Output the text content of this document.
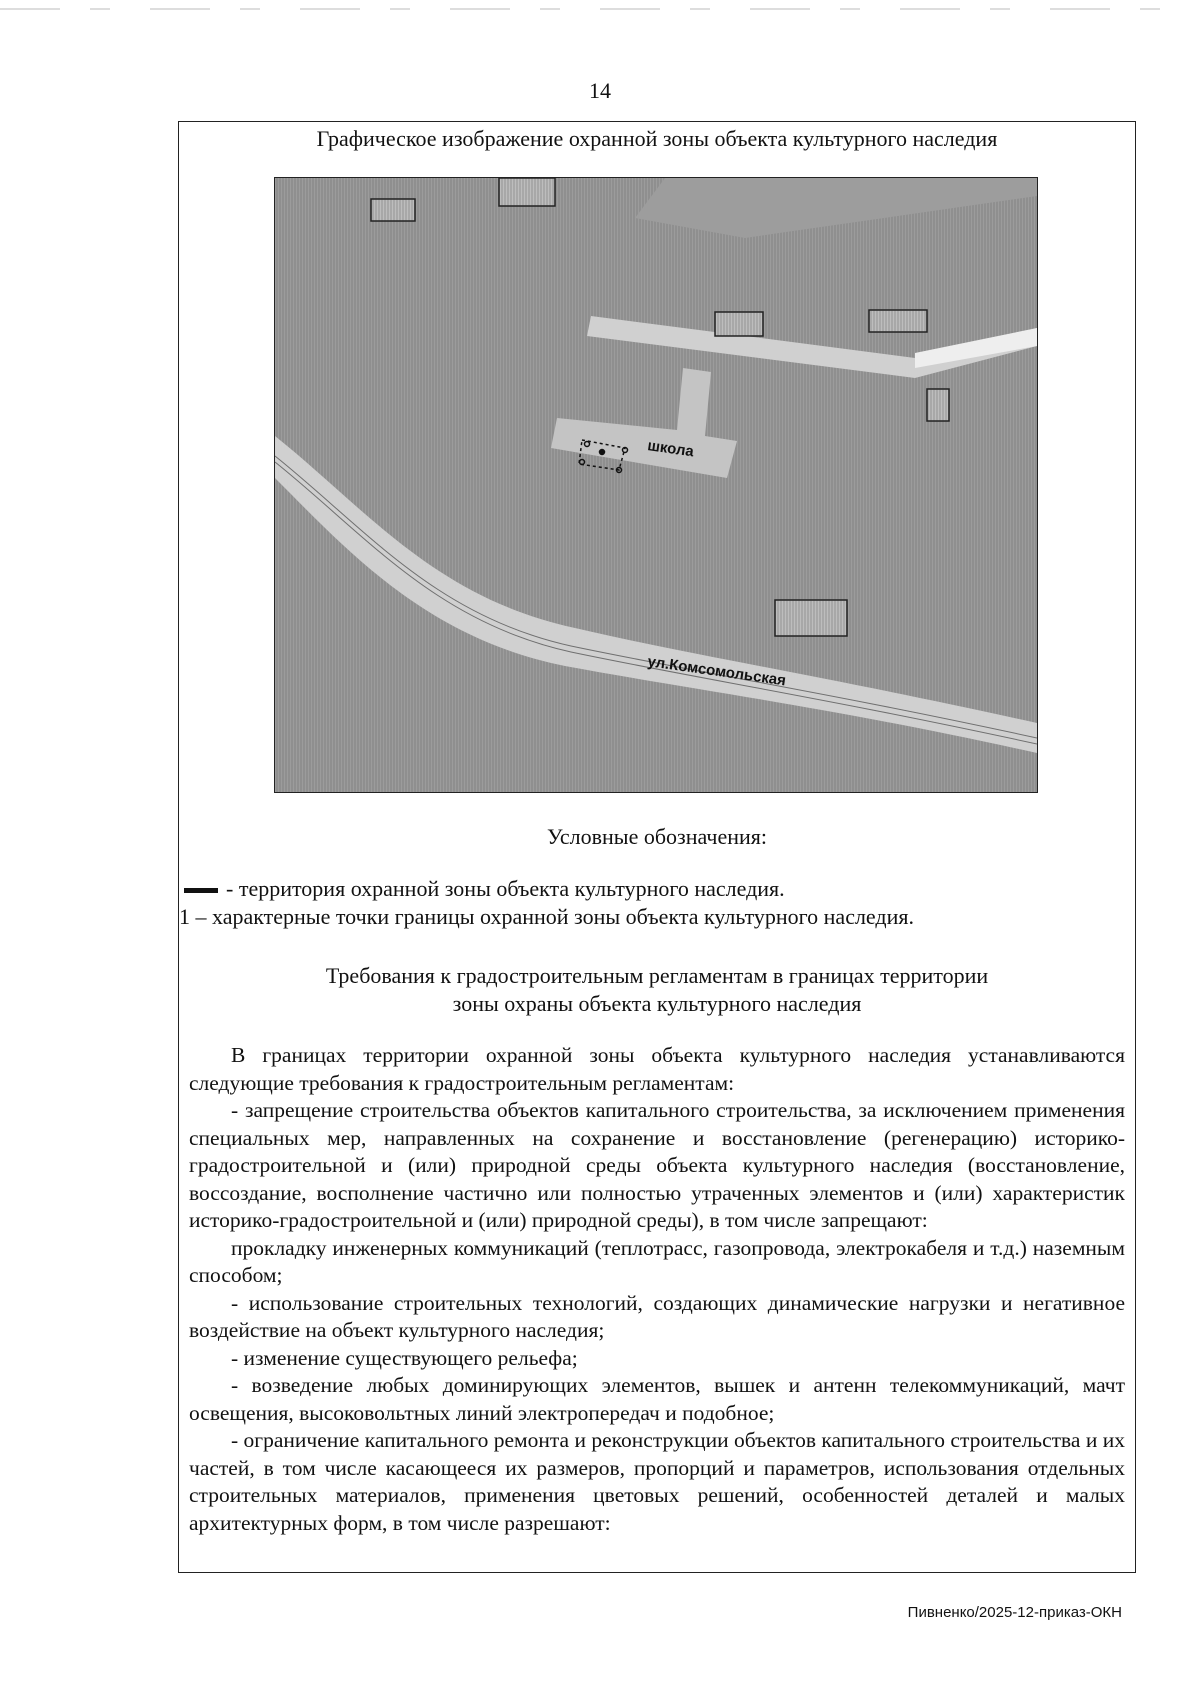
14
Графическое изображение охранной зоны объекта культурного наследия
школа
ул.Комсомольская
Условные обозначения:
- территория охранной зоны объекта культурного наследия.
1 – характерные точки границы охранной зоны объекта культурного наследия.
Требования к градостроительным регламентам в границах территории
зоны охраны объекта культурного наследия

В границах территории охранной зоны объекта культурного наследия устанавливаются следующие требования к градостроительным регламентам:

- запрещение строительства объектов капитального строительства, за исключением применения специальных мер, направленных на сохранение и восстановление (регенерацию) историко-градостроительной и (или) природной среды объекта культурного наследия (восстановление, воссоздание, восполнение частично или полностью утраченных элементов и (или) характеристик историко-градостроительной и (или) природной среды), в том числе запрещают:

прокладку инженерных коммуникаций (теплотрасс, газопровода, электрокабеля и т.д.) наземным способом;

- использование строительных технологий, создающих динамические нагрузки и негативное воздействие на объект культурного наследия;

- изменение существующего рельефа;

- возведение любых доминирующих элементов, вышек и антенн телекоммуникаций, мачт освещения, высоковольтных линий электропередач и подобное;

- ограничение капитального ремонта и реконструкции объектов капитального строительства и их частей, в том числе касающееся их размеров, пропорций и параметров, использования отдельных строительных материалов, применения цветовых решений, особенностей деталей и малых архитектурных форм, в том числе разрешают:

Пивненко/2025-12-приказ-ОКН
